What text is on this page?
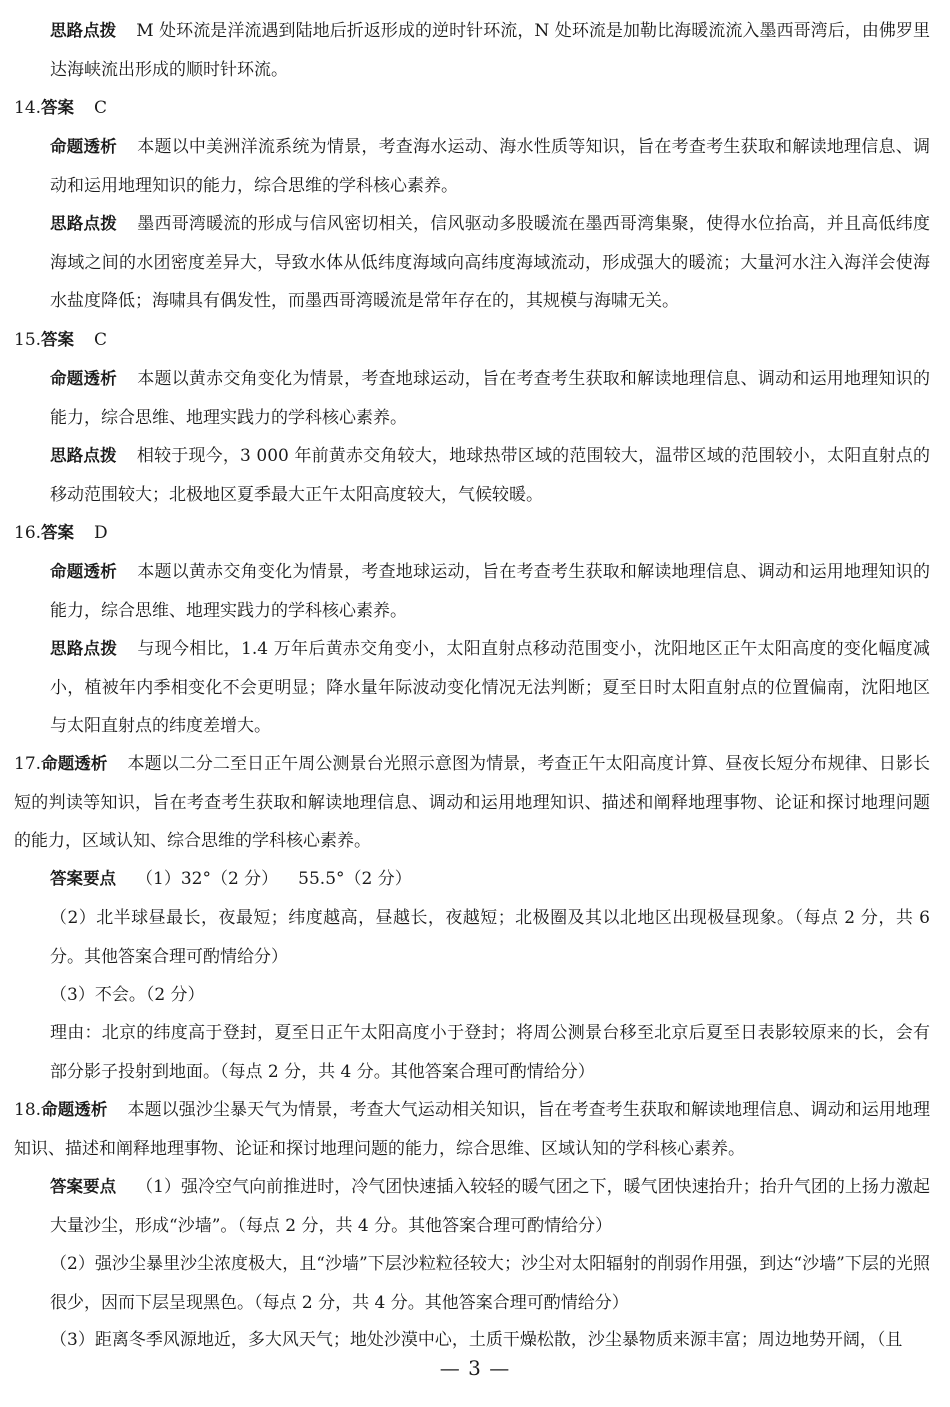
思路点拨 M 处环流是洋流遇到陆地后折返形成的逆时针环流，N 处环流是加勒比海暖流流入墨西哥湾后，由佛罗里达海峡流出形成的顺时针环流。

14.答案 C

命题透析 本题以中美洲洋流系统为情景，考查海水运动、海水性质等知识，旨在考查考生获取和解读地理信息、调动和运用地理知识的能力，综合思维的学科核心素养。

思路点拨 墨西哥湾暖流的形成与信风密切相关，信风驱动多股暖流在墨西哥湾集聚，使得水位抬高，并且高低纬度海域之间的水团密度差异大，导致水体从低纬度海域向高纬度海域流动，形成强大的暖流；大量河水注入海洋会使海水盐度降低；海啸具有偶发性，而墨西哥湾暖流是常年存在的，其规模与海啸无关。

15.答案 C

命题透析 本题以黄赤交角变化为情景，考查地球运动，旨在考查考生获取和解读地理信息、调动和运用地理知识的能力，综合思维、地理实践力的学科核心素养。

思路点拨 相较于现今，3 000 年前黄赤交角较大，地球热带区域的范围较大，温带区域的范围较小，太阳直射点的移动范围较大；北极地区夏季最大正午太阳高度较大，气候较暖。

16.答案 D

命题透析 本题以黄赤交角变化为情景，考查地球运动，旨在考查考生获取和解读地理信息、调动和运用地理知识的能力，综合思维、地理实践力的学科核心素养。

思路点拨 与现今相比，1.4 万年后黄赤交角变小，太阳直射点移动范围变小，沈阳地区正午太阳高度的变化幅度减小，植被年内季相变化不会更明显；降水量年际波动变化情况无法判断；夏至日时太阳直射点的位置偏南，沈阳地区与太阳直射点的纬度差增大。

17.命题透析 本题以二分二至日正午周公测景台光照示意图为情景，考查正午太阳高度计算、昼夜长短分布规律、日影长短的判读等知识，旨在考查考生获取和解读地理信息、调动和运用地理知识、描述和阐释地理事物、论证和探讨地理问题的能力，区域认知、综合思维的学科核心素养。

答案要点 （1）32°（2 分） 55.5°（2 分）

（2）北半球昼最长，夜最短；纬度越高，昼越长，夜越短；北极圈及其以北地区出现极昼现象。（每点 2 分，共 6 分。其他答案合理可酌情给分）

（3）不会。（2 分）

理由：北京的纬度高于登封，夏至日正午太阳高度小于登封；将周公测景台移至北京后夏至日表影较原来的长，会有部分影子投射到地面。（每点 2 分，共 4 分。其他答案合理可酌情给分）

18.命题透析 本题以强沙尘暴天气为情景，考查大气运动相关知识，旨在考查考生获取和解读地理信息、调动和运用地理知识、描述和阐释地理事物、论证和探讨地理问题的能力，综合思维、区域认知的学科核心素养。

答案要点 （1）强冷空气向前推进时，冷气团快速插入较轻的暖气团之下，暖气团快速抬升；抬升气团的上扬力激起大量沙尘，形成“沙墙”。（每点 2 分，共 4 分。其他答案合理可酌情给分）

（2）强沙尘暴里沙尘浓度极大，且“沙墙”下层沙粒粒径较大；沙尘对太阳辐射的削弱作用强，到达“沙墙”下层的光照很少，因而下层呈现黑色。（每点 2 分，共 4 分。其他答案合理可酌情给分）

（3）距离冬季风源地近，多大风天气；地处沙漠中心，土质干燥松散，沙尘暴物质来源丰富；周边地势开阔，（且

— 3 —
